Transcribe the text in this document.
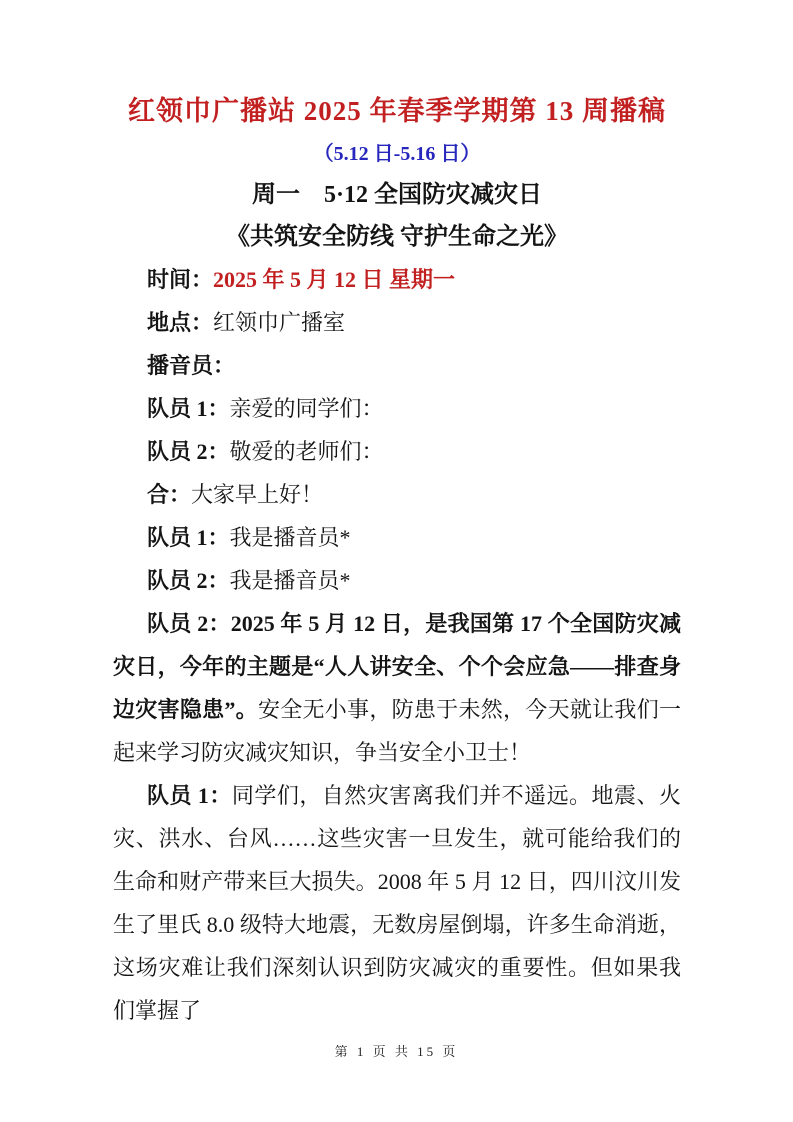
红领巾广播站 2025 年春季学期第 13 周播稿
（5.12 日-5.16 日）
周一　5·12 全国防灾减灾日
《共筑安全防线 守护生命之光》

时间：2025 年 5 月 12 日 星期一

地点：红领巾广播室

播音员：

队员 1：亲爱的同学们：

队员 2：敬爱的老师们：

合：大家早上好！

队员 1：我是播音员*

队员 2：我是播音员*

队员 2：2025 年 5 月 12 日，是我国第 17 个全国防灾减灾日，今年的主题是“人人讲安全、个个会应急——排查身边灾害隐患”。安全无小事，防患于未然，今天就让我们一起来学习防灾减灾知识，争当安全小卫士！

队员 1：同学们，自然灾害离我们并不遥远。地震、火灾、洪水、台风……这些灾害一旦发生，就可能给我们的生命和财产带来巨大损失。2008 年 5 月 12 日，四川汶川发生了里氏 8.0 级特大地震，无数房屋倒塌，许多生命消逝，这场灾难让我们深刻认识到防灾减灾的重要性。但如果我们掌握了

第 1 页 共 15 页
